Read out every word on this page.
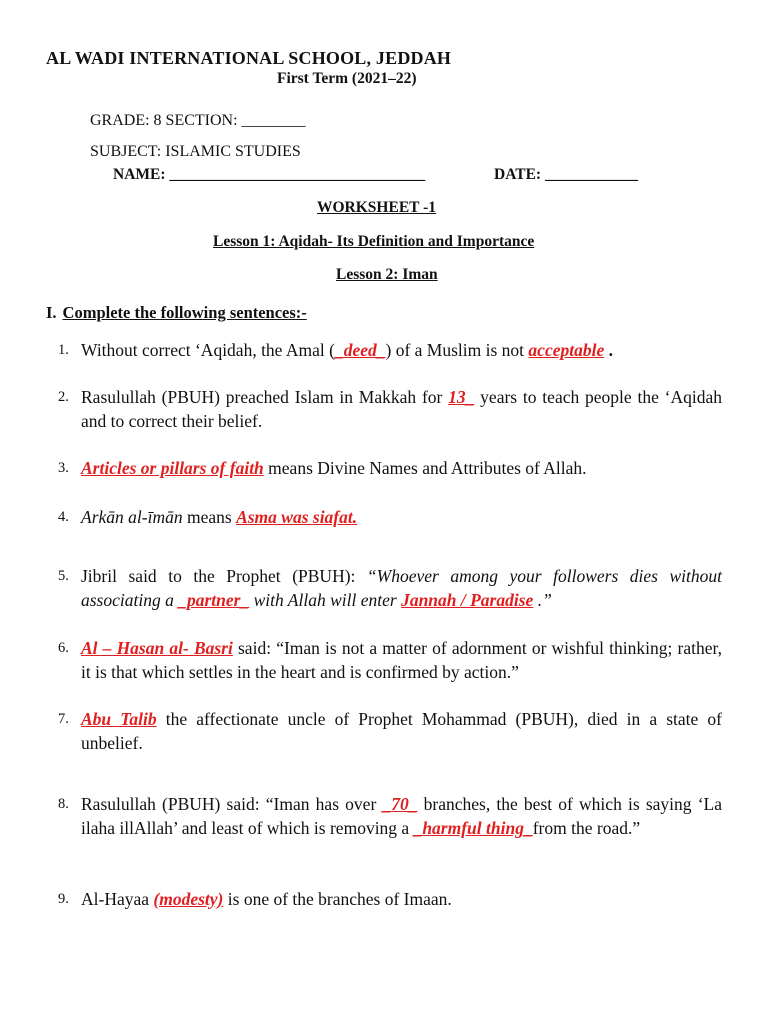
AL WADI INTERNATIONAL SCHOOL, JEDDAH
First Term (2021–22)
GRADE: 8 SECTION: ________
SUBJECT: ISLAMIC STUDIES
NAME: _________________________________	DATE: ____________
WORKSHEET -1
Lesson 1: Aqidah- Its Definition and Importance
Lesson 2: Iman
I. Complete the following sentences:-
1. Without correct ‘Aqidah, the Amal (_deed_) of a Muslim is not acceptable .
2. Rasulullah (PBUH) preached Islam in Makkah for 13_ years to teach people the ‘Aqidah and to correct their belief.
3. Articles or pillars of faith means Divine Names and Attributes of Allah.
4. Arkān al-īmān means Asma was siafat.
5. Jibril said to the Prophet (PBUH): “Whoever among your followers dies without associating a _partner_ with Allah will enter Jannah / Paradise .”
6. Al – Hasan al- Basri said: “Iman is not a matter of adornment or wishful thinking; rather, it is that which settles in the heart and is confirmed by action.”
7. Abu Talib the affectionate uncle of Prophet Mohammad (PBUH), died in a state of unbelief.
8. Rasulullah (PBUH) said: “Iman has over _70_ branches, the best of which is saying ‘La ilaha illAllah’ and least of which is removing a _harmful thing_from the road.”
9. Al-Hayaa (modesty) is one of the branches of Imaan.
